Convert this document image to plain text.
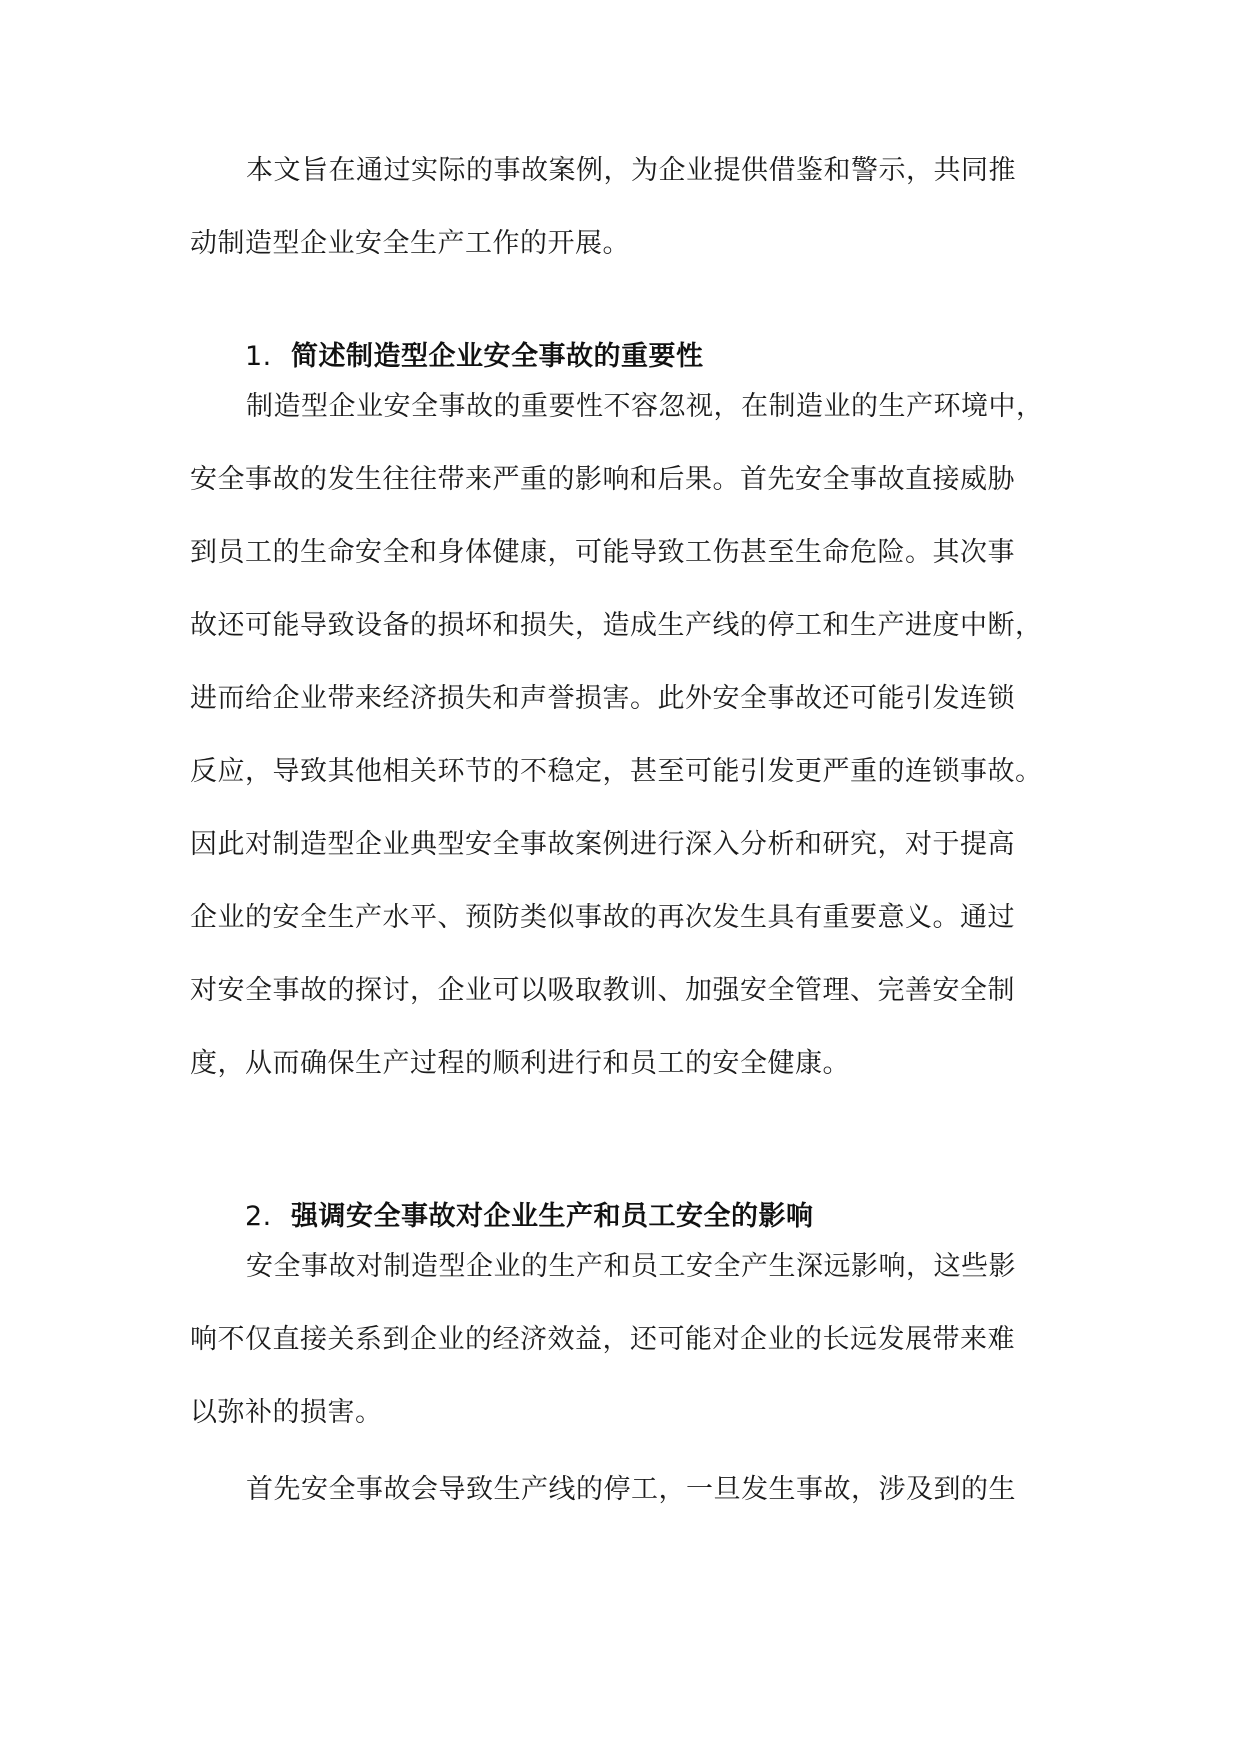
本文旨在通过实际的事故案例，为企业提供借鉴和警示，共同推
动制造型企业安全生产工作的开展。
1. 简述制造型企业安全事故的重要性
制造型企业安全事故的重要性不容忽视，在制造业的生产环境中，
安全事故的发生往往带来严重的影响和后果。首先安全事故直接威胁
到员工的生命安全和身体健康，可能导致工伤甚至生命危险。其次事
故还可能导致设备的损坏和损失，造成生产线的停工和生产进度中断，
进而给企业带来经济损失和声誉损害。此外安全事故还可能引发连锁
反应，导致其他相关环节的不稳定，甚至可能引发更严重的连锁事故。
因此对制造型企业典型安全事故案例进行深入分析和研究，对于提高
企业的安全生产水平、预防类似事故的再次发生具有重要意义。通过
对安全事故的探讨，企业可以吸取教训、加强安全管理、完善安全制
度，从而确保生产过程的顺利进行和员工的安全健康。
2. 强调安全事故对企业生产和员工安全的影响
安全事故对制造型企业的生产和员工安全产生深远影响，这些影
响不仅直接关系到企业的经济效益，还可能对企业的长远发展带来难
以弥补的损害。
首先安全事故会导致生产线的停工，一旦发生事故，涉及到的生
